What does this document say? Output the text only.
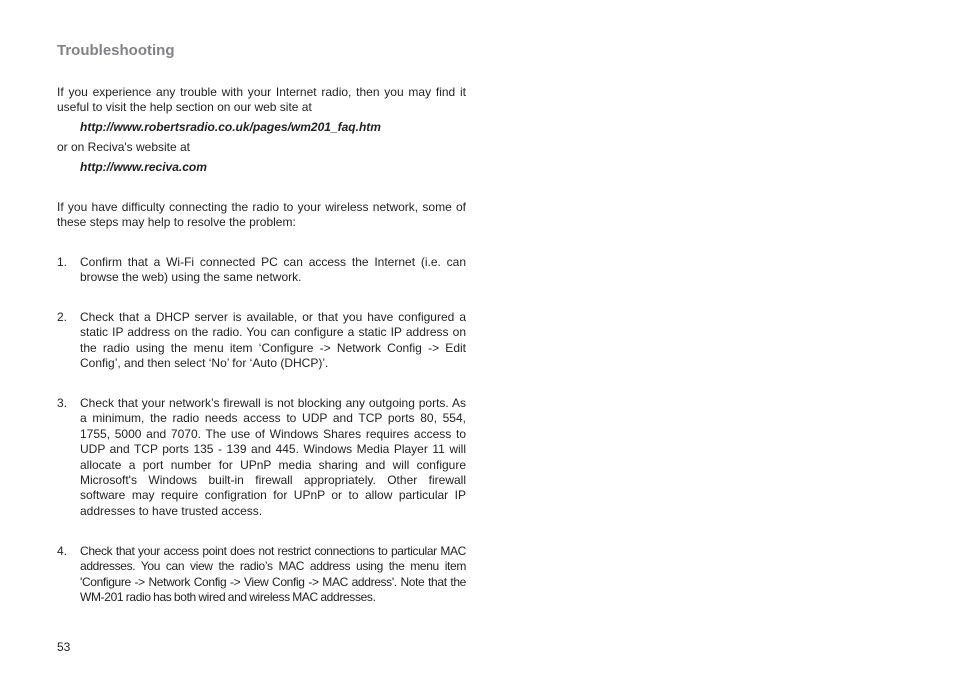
Troubleshooting

If you experience any trouble with your Internet radio, then you may find it useful to visit the help section on our web site at

http://www.robertsradio.co.uk/pages/wm201_faq.htm

or on Reciva's website at

http://www.reciva.com

If you have difficulty connecting the radio to your wireless network, some of these steps may help to resolve the problem:

1.	Confirm that a Wi-Fi connected PC can access the Internet (i.e. can browse the web) using the same network.
2.	Check that a DHCP server is available, or that you have configured a static IP address on the radio. You can configure a static IP address on the radio using the menu item ‘Configure -> Network Config -> Edit Config’, and then select ‘No’ for ‘Auto (DHCP)’.
3.	Check that your network’s firewall is not blocking any outgoing ports. As a minimum, the radio needs access to UDP and TCP ports 80, 554, 1755, 5000 and 7070. The use of Windows Shares requires access to UDP and TCP ports 135 - 139 and 445. Windows Media Player 11 will allocate a port number for UPnP media sharing and will configure Microsoft's Windows built-in firewall appropriately. Other firewall software may require configration for UPnP or to allow particular IP addresses to have trusted access.
4.	Check that your access point does not restrict connections to particular MAC addresses. You can view the radio’s MAC address using the menu item 'Configure -> Network Config -> View Config -> MAC address'. Note that the WM-201 radio has both wired and wireless MAC addresses.

53
